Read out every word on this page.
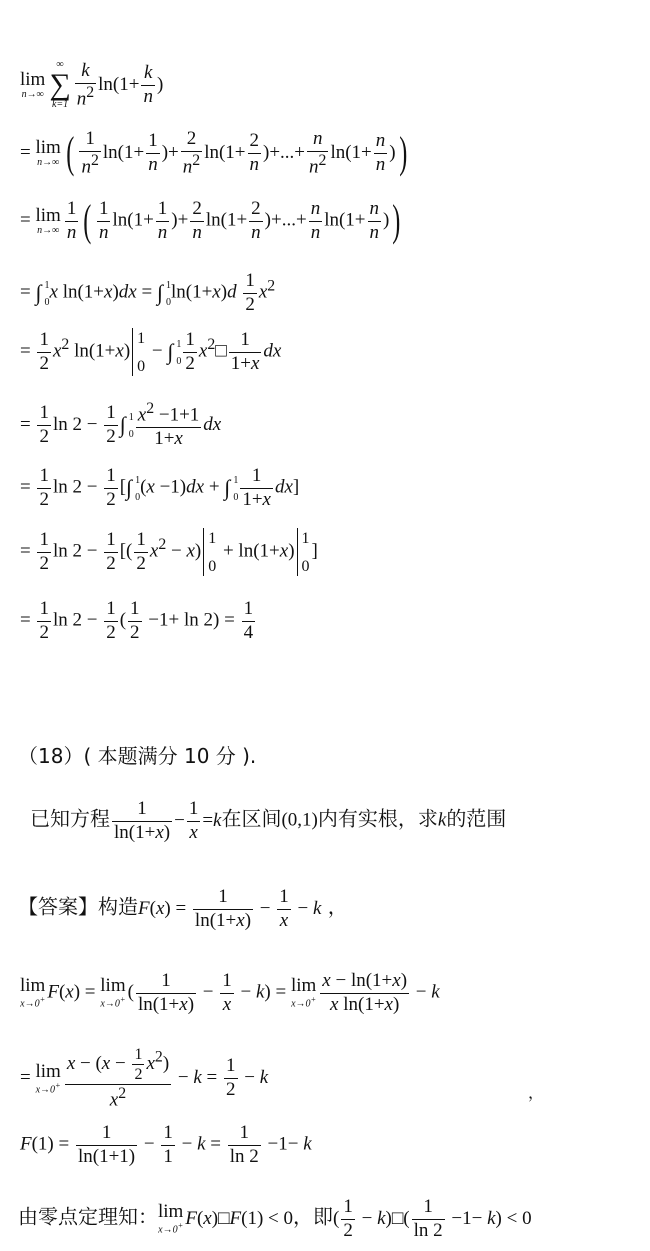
lim
n→∞
∞
∑
$k=1 \frac{k}{n^2} \ln(1+ \frac{k}{n}$ )
= lim
n→∞ ( $\frac{1}{n^2} \ln(1+ \frac{1}{n}$ )+ $\frac{2}{n^2} \ln(1+ \frac{2}{n}$ )+...+ $\frac{n}{n^2} \ln(1+ \frac{n}{n}$ ))
= lim
$n\to\infty \frac{1}{n}$ ( $\frac{1}{n} \ln(1+ \frac{1}{n}$ )+ $\frac{2}{n} \ln(1+ \frac{2}{n}$ )+...+ $\frac{n}{n} \ln(1+ \frac{n}{n}$ ))
= ∫ 1
0
x ln(1+x)dx = ∫ 1
0
$\ln(1+x)d \frac{1}{2} x^2$
= $\frac{1}{2} x^2$ ln(1+x)
1
0
− ∫ 1
$0 \frac{1}{2}$ $x^2□ \frac{1}{1+x}$ dx
= $\frac{1}{2}$ $\ln 2 - \frac{1}{2}$ ∫ 1
$0 \frac{x^2 -1+1}{1+x}$ dx
= $\frac{1}{2}$ $\ln 2 - \frac{1}{2}$ [∫ 1
0
(x −1)dx + ∫ 1
$0 \frac{1}{1+x} dx$]
= $\frac{1}{2}$ $\ln 2 - \frac{1}{2}$ [( $\frac{1}{2} x^2 - x$)
1
0
+ ln(1+x)
1
0
]
= $\frac{1}{2}$ $\ln 2 - \frac{1}{2}$ ( $\frac{1}{2} -1+ \ln 2) = \frac{1}{4}$
（18）( 本题满分 10 分 ).
已知方程 $\frac{1}{\ln(1+x)} - \frac{1}{x} =k$在区间(0,1)内有实根，求k的范围
【答案】构造$F(x) = \frac{1}{\ln(1+x)} - \frac{1}{x} - k$ ，
lim
x→0+ F(x) = lim
x→0+ ( $\frac{1}{\ln(1+x)} - \frac{1}{x} - k) = \lim$
$x\to 0^+ \frac{x - \ln(1+x)}{\text{x ln(1+x)}} - k$
= lim
$x\to 0^+ \frac{x - (x - \frac{1}{2} x^2)}{x^2} - k = \frac{1}{2} - k$
，
$F(1) = \frac{1}{\ln(1+1)} - \frac{1}{1} - k = \frac{1}{\ln 2} -1- k$
由零点定理知： lim
x→0+ F(x)□F(1) < 0，即( $\frac{1}{2}$ − k)□( $\frac{1}{\ln 2} -1- k) < 0$
